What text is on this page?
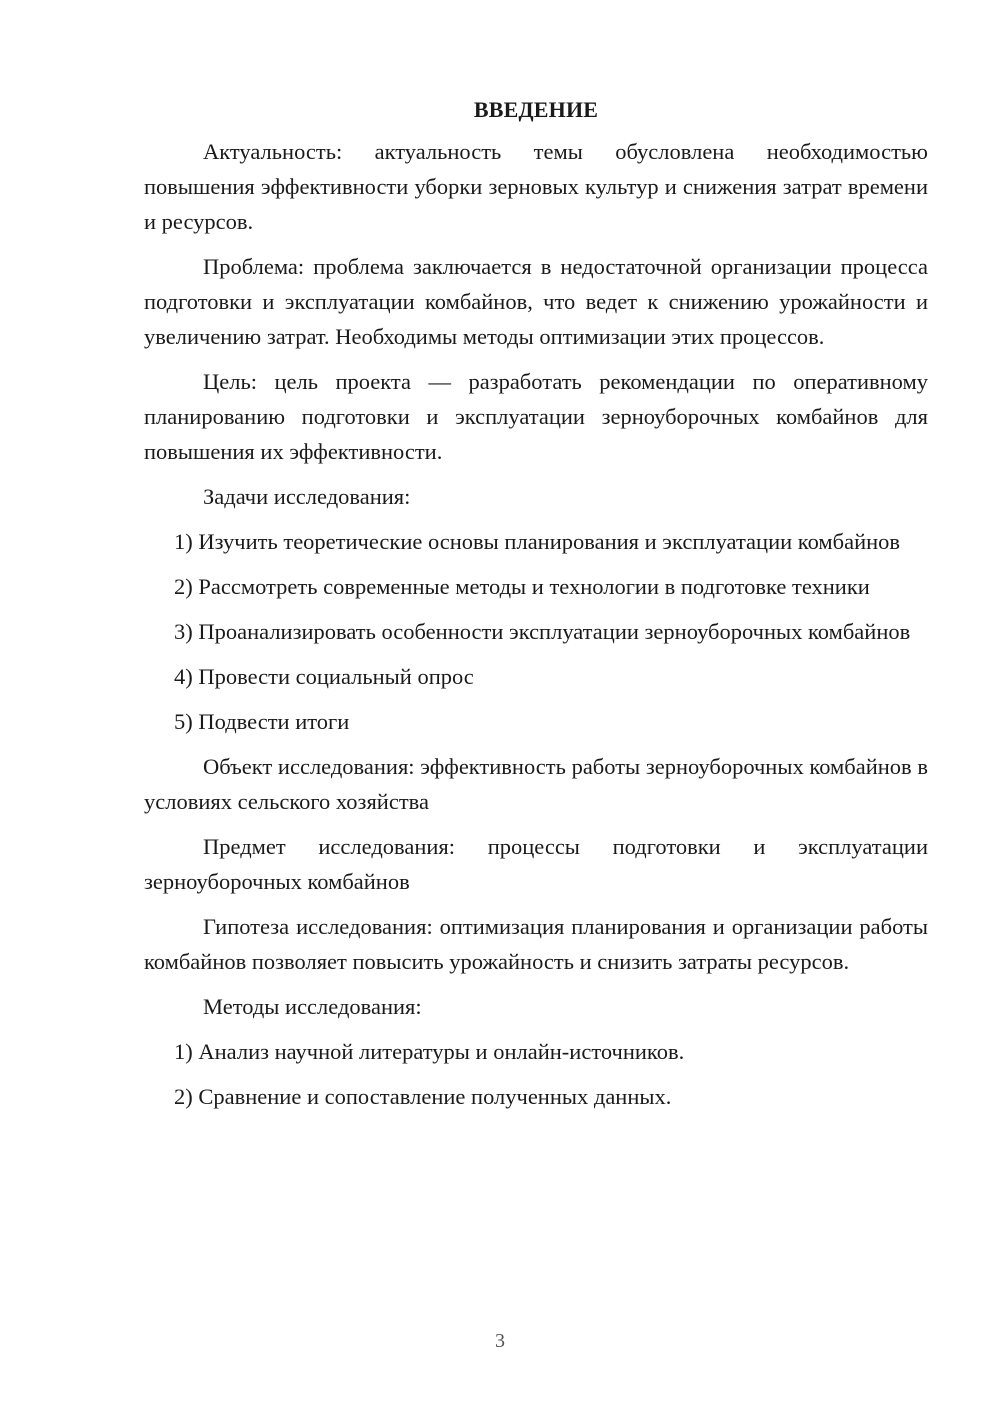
ВВЕДЕНИЕ

Актуальность: актуальность темы обусловлена необходимостью повышения эффективности уборки зерновых культур и снижения затрат времени и ресурсов.

Проблема: проблема заключается в недостаточной организации процесса подготовки и эксплуатации комбайнов, что ведет к снижению урожайности и увеличению затрат. Необходимы методы оптимизации этих процессов.

Цель: цель проекта — разработать рекомендации по оперативному планированию подготовки и эксплуатации зерноуборочных комбайнов для повышения их эффективности.

Задачи исследования:

1) Изучить теоретические основы планирования и эксплуатации комбайнов

2) Рассмотреть современные методы и технологии в подготовке техники

3) Проанализировать особенности эксплуатации зерноуборочных комбайнов

4) Провести социальный опрос

5) Подвести итоги

Объект исследования: эффективность работы зерноуборочных комбайнов в условиях сельского хозяйства

Предмет исследования: процессы подготовки и эксплуатации зерноуборочных комбайнов

Гипотеза исследования: оптимизация планирования и организации работы комбайнов позволяет повысить урожайность и снизить затраты ресурсов.

Методы исследования:

1) Анализ научной литературы и онлайн-источников.

2) Сравнение и сопоставление полученных данных.

3
